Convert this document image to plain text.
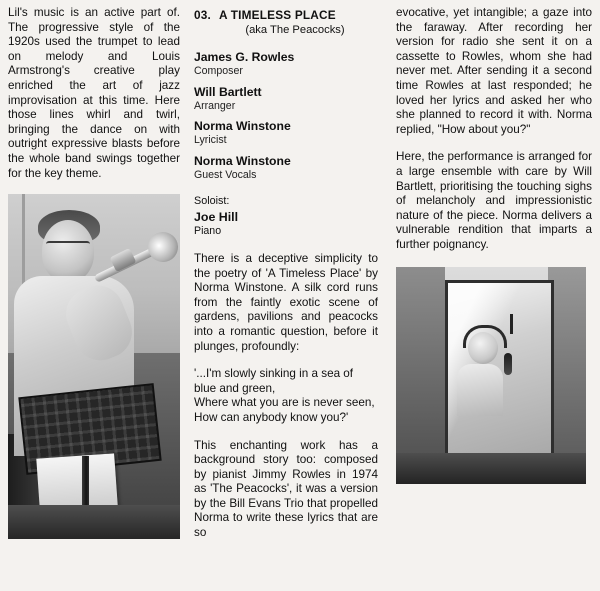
Lil's music is an active part of. The progressive style of the 1920s used the trumpet to lead on melody and Louis Armstrong's creative play enriched the art of jazz improvisation at this time. Here those lines whirl and twirl, bringing the dance on with outright expressive blasts before the whole band swings together for the key theme.

03. A TIMELESS PLACE
(aka The Peacocks)
James G. Rowles
Composer
Will Bartlett
Arranger
Norma Winstone
Lyricist
Norma Winstone
Guest Vocals
Soloist:
Joe Hill
Piano

There is a deceptive simplicity to the poetry of 'A Timeless Place' by Norma Winstone. A silk cord runs from the faintly exotic scene of gardens, pavilions and peacocks into a romantic question, before it plunges, profoundly:

'...I'm slowly sinking in a sea of blue and green,
Where what you are is never seen, How can anybody know you?'

This enchanting work has a background story too: composed by pianist Jimmy Rowles in 1974 as 'The Peacocks', it was a version by the Bill Evans Trio that propelled Norma to write these lyrics that are so

evocative, yet intangible; a gaze into the faraway. After recording her version for radio she sent it on a cassette to Rowles, whom she had never met. After sending it a second time Rowles at last responded; he loved her lyrics and asked her who she planned to record it with. Norma replied, "How about you?"

Here, the performance is arranged for a large ensemble with care by Will Bartlett, prioritising the touching sighs of melancholy and impressionistic nature of the piece. Norma delivers a vulnerable rendition that imparts a further poignancy.
